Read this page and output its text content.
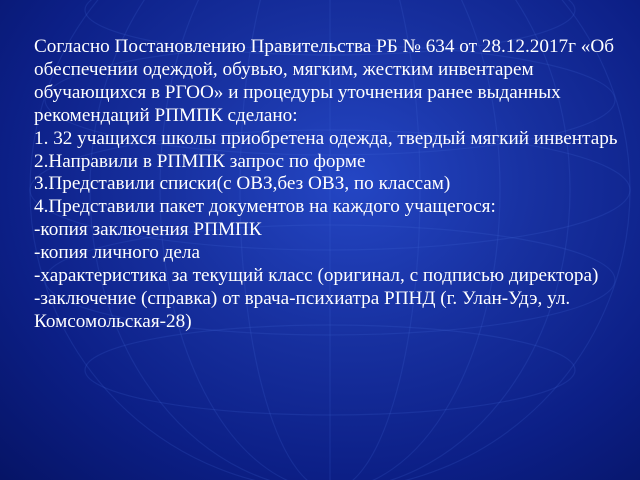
Согласно Постановлению Правительства РБ № 634 от 28.12.2017г «Об обеспечении одеждой, обувью, мягким, жестким инвентарем обучающихся в РГОО» и процедуры уточнения ранее выданных рекомендаций РПМПК сделано:

1. 32 учащихся школы приобретена одежда, твердый мягкий инвентарь

2.Направили в РПМПК запрос по форме

3.Представили списки(с ОВЗ,без ОВЗ, по классам)

4.Представили пакет документов на каждого учащегося:

-копия заключения РПМПК

-копия личного дела

-характеристика за текущий класс (оригинал, с подписью директора)

-заключение (справка) от врача-психиатра РПНД (г. Улан-Удэ, ул. Комсомольская-28)
